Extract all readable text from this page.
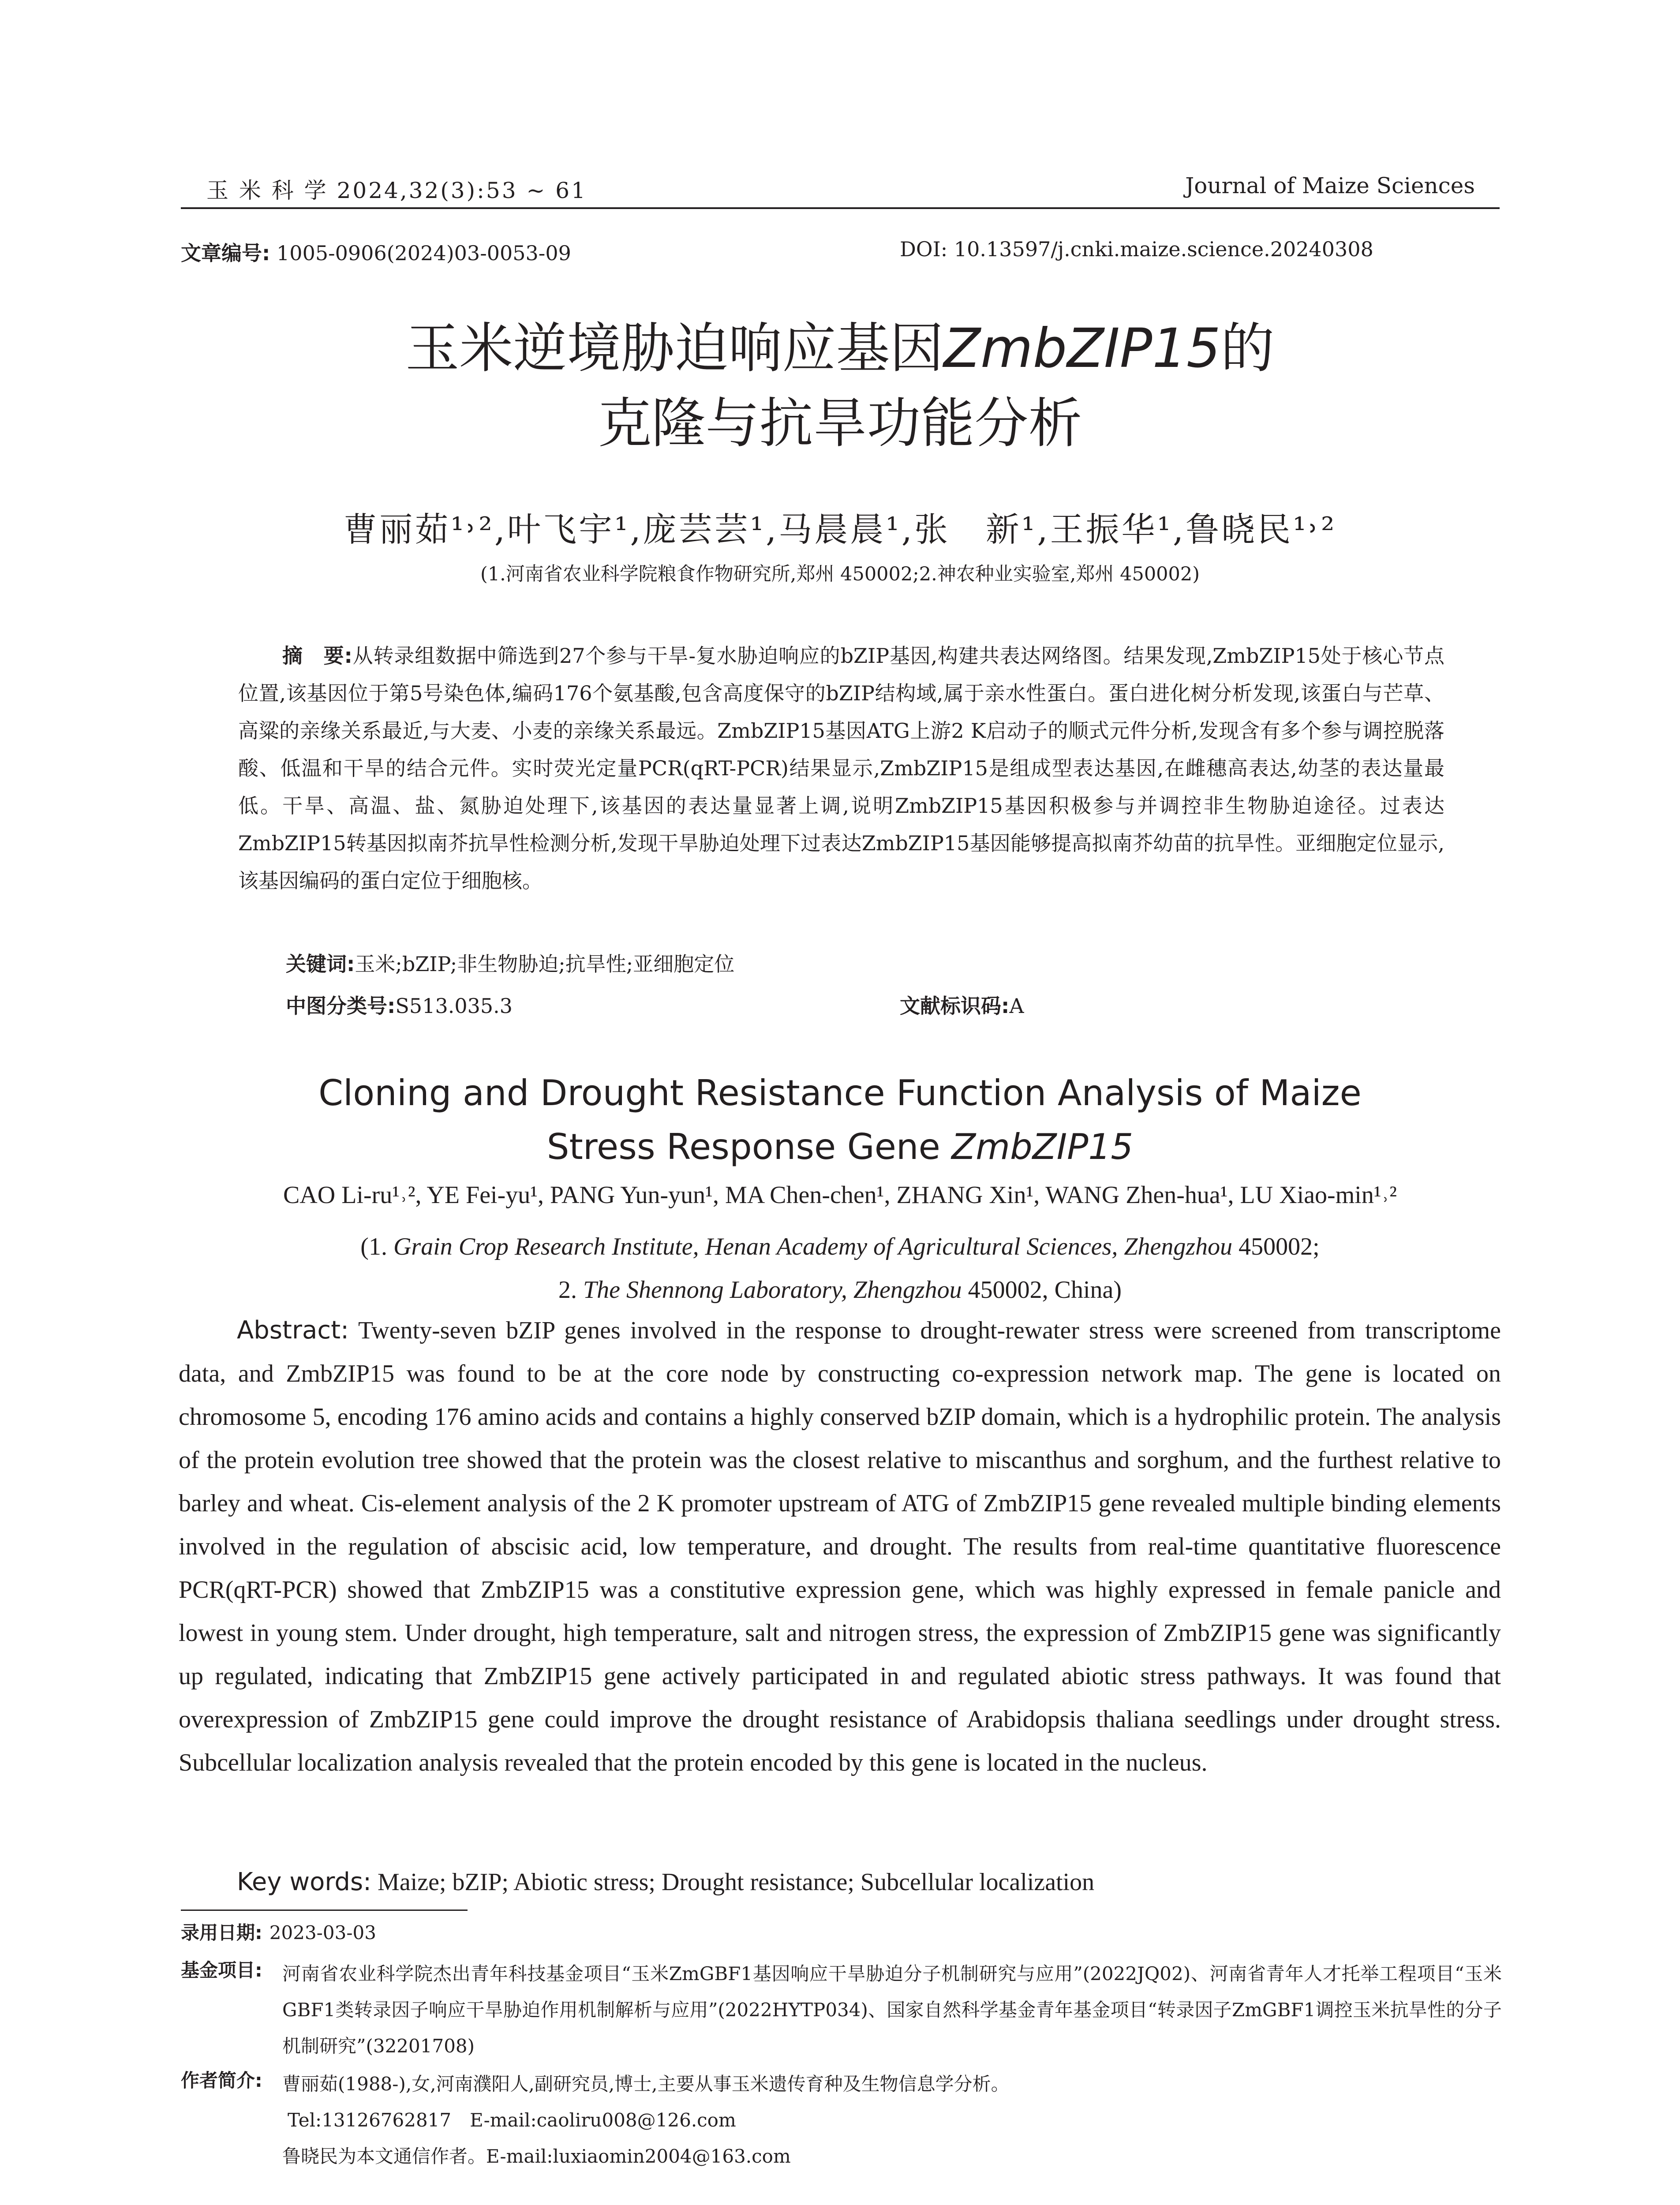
玉 米 科 学 2024,32(3):53 ~ 61	Journal of Maize Sciences
文章编号: 1005-0906(2024)03-0053-09	DOI: 10.13597/j.cnki.maize.science.20240308
玉米逆境胁迫响应基因ZmbZIP15的
克隆与抗旱功能分析
曹丽茹¹˒²,叶飞宇¹,庞芸芸¹,马晨晨¹,张　新¹,王振华¹,鲁晓民¹˒²
(1.河南省农业科学院粮食作物研究所,郑州 450002;2.神农种业实验室,郑州 450002)
摘　要:从转录组数据中筛选到27个参与干旱-复水胁迫响应的bZIP基因,构建共表达网络图。结果发现,ZmbZIP15处于核心节点位置,该基因位于第5号染色体,编码176个氨基酸,包含高度保守的bZIP结构域,属于亲水性蛋白。蛋白进化树分析发现,该蛋白与芒草、高粱的亲缘关系最近,与大麦、小麦的亲缘关系最远。ZmbZIP15基因ATG上游2 K启动子的顺式元件分析,发现含有多个参与调控脱落酸、低温和干旱的结合元件。实时荧光定量PCR(qRT-PCR)结果显示,ZmbZIP15是组成型表达基因,在雌穗高表达,幼茎的表达量最低。干旱、高温、盐、氮胁迫处理下,该基因的表达量显著上调,说明ZmbZIP15基因积极参与并调控非生物胁迫途径。过表达ZmbZIP15转基因拟南芥抗旱性检测分析,发现干旱胁迫处理下过表达ZmbZIP15基因能够提高拟南芥幼苗的抗旱性。亚细胞定位显示,该基因编码的蛋白定位于细胞核。
关键词:玉米;bZIP;非生物胁迫;抗旱性;亚细胞定位
中图分类号:S513.035.3	文献标识码:A
Cloning and Drought Resistance Function Analysis of Maize
Stress Response Gene ZmbZIP15
CAO Li-ru¹˒², YE Fei-yu¹, PANG Yun-yun¹, MA Chen-chen¹, ZHANG Xin¹, WANG Zhen-hua¹, LU Xiao-min¹˒²
(1. Grain Crop Research Institute, Henan Academy of Agricultural Sciences, Zhengzhou 450002;
2. The Shennong Laboratory, Zhengzhou 450002, China)
Abstract: Twenty-seven bZIP genes involved in the response to drought-rewater stress were screened from transcriptome data, and ZmbZIP15 was found to be at the core node by constructing co-expression network map. The gene is located on chromosome 5, encoding 176 amino acids and contains a highly conserved bZIP domain, which is a hydrophilic protein. The analysis of the protein evolution tree showed that the protein was the closest relative to miscanthus and sorghum, and the furthest relative to barley and wheat. Cis-element analysis of the 2 K promoter upstream of ATG of ZmbZIP15 gene revealed multiple binding elements involved in the regulation of abscisic acid, low temperature, and drought. The results from real-time quantitative fluorescence PCR(qRT-PCR) showed that ZmbZIP15 was a constitutive expression gene, which was highly expressed in female panicle and lowest in young stem. Under drought, high temperature, salt and nitrogen stress, the expression of ZmbZIP15 gene was significantly up regulated, indicating that ZmbZIP15 gene actively participated in and regulated abiotic stress pathways. It was found that overexpression of ZmbZIP15 gene could improve the drought resistance of Arabidopsis thaliana seedlings under drought stress. Subcellular localization analysis revealed that the protein encoded by this gene is located in the nucleus.
Key words: Maize; bZIP; Abiotic stress; Drought resistance; Subcellular localization
录用日期: 2023-03-03
基金项目: 河南省农业科学院杰出青年科技基金项目“玉米ZmGBF1基因响应干旱胁迫分子机制研究与应用”(2022JQ02)、河南省青年人才托举工程项目“玉米GBF1类转录因子响应干旱胁迫作用机制解析与应用”(2022HYTP034)、国家自然科学基金青年基金项目“转录因子ZmGBF1调控玉米抗旱性的分子机制研究”(32201708)
作者简介: 曹丽茹(1988-),女,河南濮阳人,副研究员,博士,主要从事玉米遗传育种及生物信息学分析。
Tel:13126762817　E-mail:caoliru008@126.com
鲁晓民为本文通信作者。E-mail:luxiaomin2004@163.com
